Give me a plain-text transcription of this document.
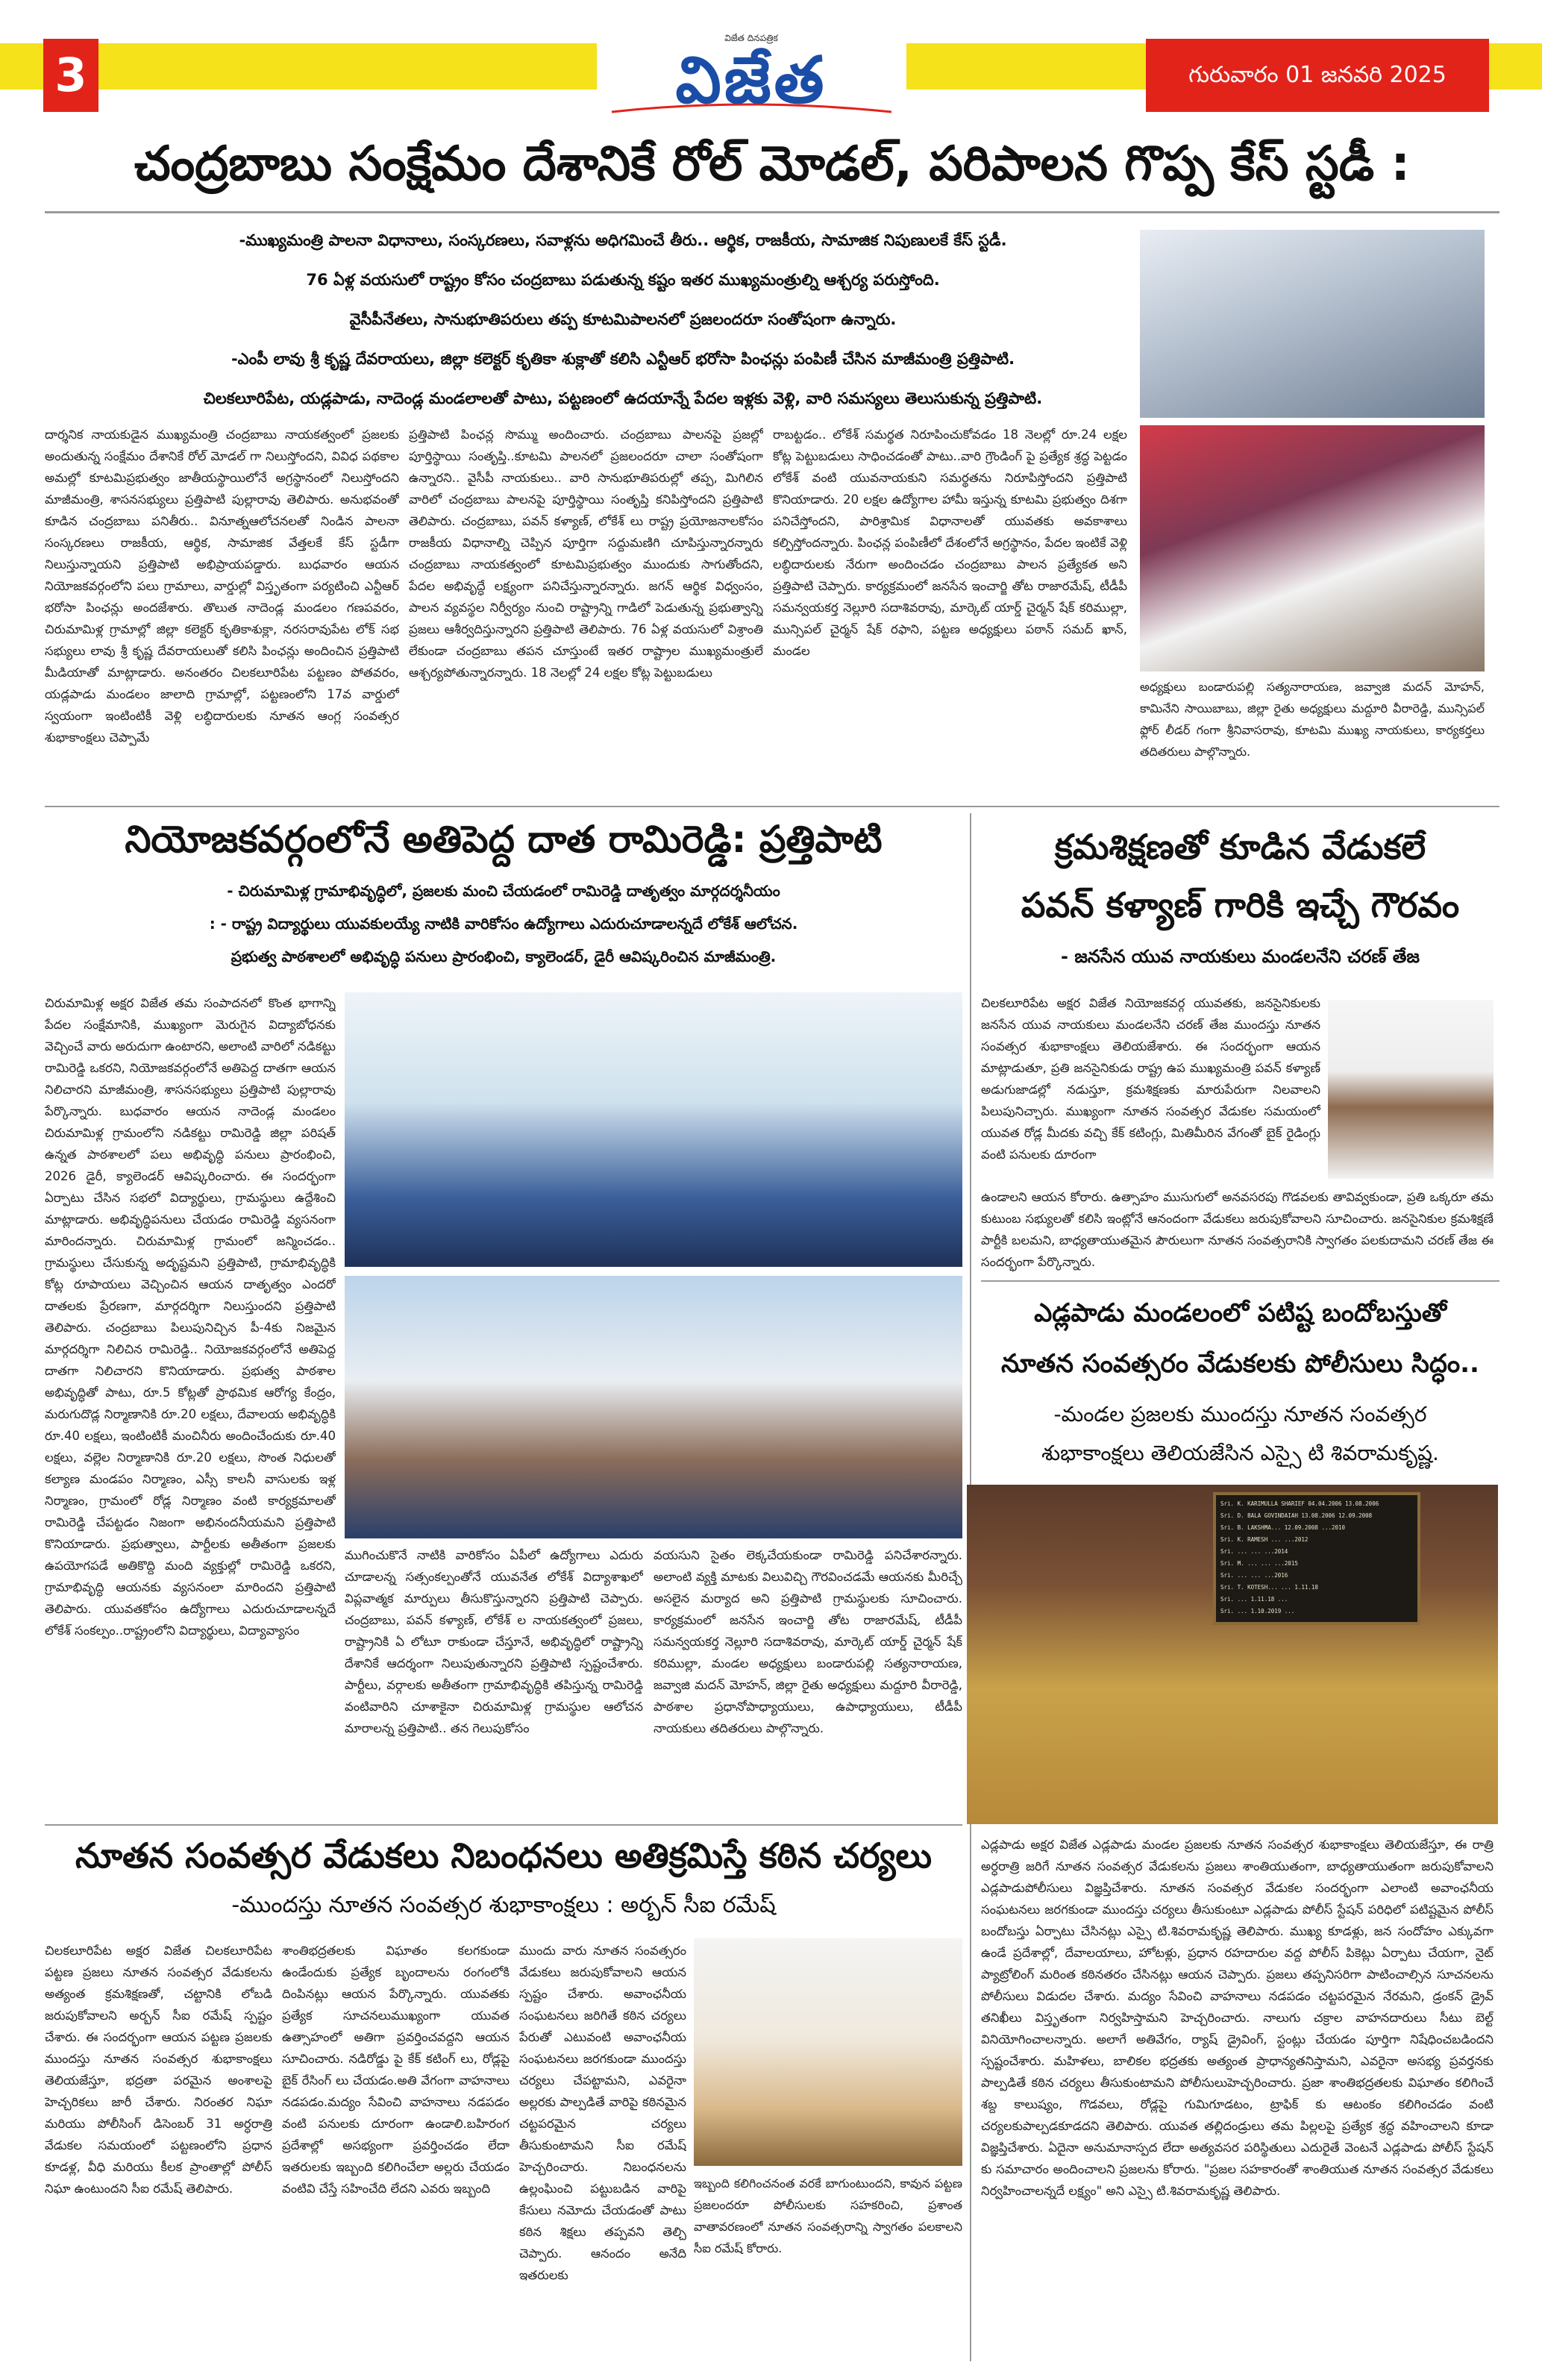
3
విజేత దినపత్రిక
విజేత	గురువారం 01 జనవరి 2025
చంద్రబాబు సంక్షేమం దేశానికే రోల్ మోడల్, పరిపాలన గొప్ప కేస్ స్టడీ :
-ముఖ్యమంత్రి పాలనా విధానాలు, సంస్కరణలు, సవాళ్లను అధిగమించే తీరు.. ఆర్థిక, రాజకీయ, సామాజిక నిపుణులకే కేస్ స్టడీ.
76 ఏళ్ల వయసులో రాష్ట్రం కోసం చంద్రబాబు పడుతున్న కష్టం ఇతర ముఖ్యమంత్రుల్ని ఆశ్చర్య పరుస్తోంది.
వైసీపీనేతలు, సానుభూతిపరులు తప్ప కూటమిపాలనలో ప్రజలందరూ సంతోషంగా ఉన్నారు.
-ఎంపీ లావు శ్రీ కృష్ణ దేవరాయలు, జిల్లా కలెక్టర్ కృతికా శుక్లాతో కలిసి ఎన్టీఆర్ భరోసా పింఛన్లు పంపిణీ చేసిన మాజీమంత్రి ప్రత్తిపాటి.
చిలకలూరిపేట, యడ్లపాడు, నాదెండ్ల మండలాలతో పాటు, పట్టణంలో ఉదయాన్నే పేదల ఇళ్లకు వెళ్లి, వారి సమస్యలు తెలుసుకున్న ప్రత్తిపాటి.
దార్శనిక నాయకుడైన ముఖ్యమంత్రి చంద్రబాబు నాయకత్వంలో ప్రజలకు అందుతున్న సంక్షేమం దేశానికే రోల్ మోడల్ గా నిలుస్తోందని, వివిధ పథకాల అమల్లో కూటమిప్రభుత్వం జాతీయస్థాయిలోనే అగ్రస్థానంలో నిలుస్తోందని మాజీమంత్రి, శాసనసభ్యులు ప్రత్తిపాటి పుల్లారావు తెలిపారు. అనుభవంతో కూడిన చంద్రబాబు పనితీరు.. వినూత్నఆలోచనలతో నిండిన పాలనా సంస్కరణలు రాజకీయ, ఆర్థిక, సామాజిక వేత్తలకే కేస్ స్టడీగా నిలుస్తున్నాయని ప్రత్తిపాటి అభిప్రాయపడ్డారు. బుధవారం ఆయన నియోజకవర్గంలోని పలు గ్రామాలు, వార్డుల్లో విస్తృతంగా పర్యటించి ఎన్టీఆర్ భరోసా పింఛన్లు అందజేశారు. తొలుత నాదెండ్ల మండలం గణపవరం, చిరుమామిళ్ల గ్రామాల్లో జిల్లా కలెక్టర్ కృతికాశుక్లా, నరసరావుపేట లోక్ సభ సభ్యులు లావు శ్రీ కృష్ణ దేవరాయలుతో కలిసి పింఛన్లు అందించిన ప్రత్తిపాటి మీడియాతో మాట్లాడారు. అనంతరం చిలకలూరిపేట పట్టణం పోతవరం, యడ్లపాడు మండలం జాలాది గ్రామాల్లో, పట్టణంలోని 17వ వార్డులో స్వయంగా ఇంటింటికీ వెళ్లి లబ్ధిదారులకు నూతన ఆంగ్ల సంవత్సర శుభాకాంక్షలు చెప్పామే
ప్రత్తిపాటి పింఛన్ల సొమ్ము అందించారు. చంద్రబాబు పాలనపై ప్రజల్లో పూర్తిస్థాయి సంతృప్తి..కూటమి పాలనలో ప్రజలందరూ చాలా సంతోషంగా ఉన్నారని.. వైసీపీ నాయకులు.. వారి సానుభూతిపరుల్లో తప్ప, మిగిలిన వారిలో చంద్రబాబు పాలనపై పూర్తిస్థాయి సంతృప్తి కనిపిస్తోందని ప్రత్తిపాటి తెలిపారు. చంద్రబాబు, పవన్ కళ్యాణ్, లోకేశ్ లు రాష్ట్ర ప్రయోజనాలకోసం రాజకీయ విధానాల్ని చెప్పిన పూర్తిగా సద్దుమణిగి చూపిస్తున్నారన్నారు చంద్రబాబు నాయకత్వంలో కూటమిప్రభుత్వం ముందుకు సాగుతోందని, పేదల అభివృద్ధే లక్ష్యంగా పనిచేస్తున్నారన్నారు. జగన్ ఆర్థిక విధ్వంసం, పాలన వ్యవస్థల నిర్వీర్యం నుంచి రాష్ట్రాన్ని గాడిలో పెడుతున్న ప్రభుత్వాన్ని ప్రజలు ఆశీర్వదిస్తున్నారని ప్రత్తిపాటి తెలిపారు. 76 ఏళ్ల వయసులో విశ్రాంతి లేకుండా చంద్రబాబు తపన చూస్తుంటే ఇతర రాష్ట్రాల ముఖ్యమంత్రులే ఆశ్చర్యపోతున్నారన్నారు. 18 నెలల్లో 24 లక్షల కోట్ల పెట్టుబడులు
రాబట్టడం.. లోకేశ్ సమర్థత నిరూపించుకోవడం 18 నెలల్లో రూ.24 లక్షల కోట్ల పెట్టుబడులు సాధించడంతో పాటు..వారి గ్రౌండింగ్ పై ప్రత్యేక శ్రద్ధ పెట్టడం లోకేశ్ వంటి యువనాయకుని సమర్థతను నిరూపిస్తోందని ప్రత్తిపాటి కొనియాడారు. 20 లక్షల ఉద్యోగాల హామీ ఇస్తున్న కూటమి ప్రభుత్వం దిశగా పనిచేస్తోందని, పారిశ్రామిక విధానాలతో యువతకు అవకాశాలు కల్పిస్తోందన్నారు. పింఛన్ల పంపిణీలో దేశంలోనే అగ్రస్థానం, పేదల ఇంటికే వెళ్లి లబ్ధిదారులకు నేరుగా అందించడం చంద్రబాబు పాలన ప్రత్యేకత అని ప్రత్తిపాటి చెప్పారు. కార్యక్రమంలో జనసేన ఇంచార్జి తోట రాజారమేష్, టీడీపీ సమన్వయకర్త నెల్లూరి సదాశివరావు, మార్కెట్ యార్డ్ చైర్మన్ షేక్ కరిముల్లా, మున్సిపల్ చైర్మన్ షేక్ రఫాని, పట్టణ అధ్యక్షులు పఠాన్ సమద్ ఖాన్, మండల
అధ్యక్షులు బండారుపల్లి సత్యనారాయణ, జవ్వాజి మదన్ మోహన్, కామినేని సాయిబాబు, జిల్లా రైతు అధ్యక్షులు మద్దూరి వీరారెడ్డి, మున్సిపల్ ఫ్లోర్ లీడర్ గంగా శ్రీనివాసరావు, కూటమి ముఖ్య నాయకులు, కార్యకర్తలు తదితరులు పాల్గొన్నారు.
నియోజకవర్గంలోనే అతిపెద్ద దాత రామిరెడ్డి: ప్రత్తిపాటి
- చిరుమామిళ్ల గ్రామాభివృద్ధిలో, ప్రజలకు మంచి చేయడంలో రామిరెడ్డి దాతృత్వం మార్గదర్శనీయం
: - రాష్ట్ర విద్యార్థులు యువకులయ్యే నాటికి వారికోసం ఉద్యోగాలు ఎదురుచూడాలన్నదే లోకేశ్ ఆలోచన.
ప్రభుత్వ పాఠశాలలో అభివృద్ధి పనులు ప్రారంభించి, క్యాలెండర్, డైరీ ఆవిష్కరించిన మాజీమంత్రి.
చిరుమామిళ్ల అక్షర విజేత తమ సంపాదనలో కొంత భాగాన్ని పేదల సంక్షేమానికి, ముఖ్యంగా మెరుగైన విద్యాబోధనకు వెచ్చించే వారు అరుదుగా ఉంటారని, అలాంటి వారిలో నడికట్టు రామిరెడ్డి ఒకరని, నియోజకవర్గంలోనే అతిపెద్ద దాతగా ఆయన నిలిచారని మాజీమంత్రి, శాసనసభ్యులు ప్రత్తిపాటి పుల్లారావు పేర్కొన్నారు. బుధవారం ఆయన నాదెండ్ల మండలం చిరుమామిళ్ల గ్రామంలోని నడికట్టు రామిరెడ్డి జిల్లా పరిషత్ ఉన్నత పాఠశాలలో పలు అభివృద్ధి పనులు ప్రారంభించి, 2026 డైరీ, క్యాలెండర్ ఆవిష్కరించారు. ఈ సందర్భంగా ఏర్పాటు చేసిన సభలో విద్యార్థులు, గ్రామస్థులు ఉద్దేశించి మాట్లాడారు. అభివృద్ధిపనులు చేయడం రామిరెడ్డి వ్యసనంగా మారిందన్నారు. చిరుమామిళ్ల గ్రామంలో జన్మించడం.. గ్రామస్థులు చేసుకున్న అదృష్టమని ప్రత్తిపాటి, గ్రామాభివృద్ధికి కోట్ల రూపాయలు వెచ్చించిన ఆయన దాతృత్వం ఎందరో దాతలకు ప్రేరణగా, మార్గదర్శిగా నిలుస్తుందని ప్రత్తిపాటి తెలిపారు. చంద్రబాబు పిలుపునిచ్చిన పీ-4కు నిజమైన మార్గదర్శిగా నిలిచిన రామిరెడ్డి.. నియోజకవర్గంలోనే అతిపెద్ద దాతగా నిలిచారని కొనియాడారు. ప్రభుత్వ పాఠశాల అభివృద్ధితో పాటు, రూ.5 కోట్లతో ప్రాథమిక ఆరోగ్య కేంద్రం, మరుగుదొడ్ల నిర్మాణానికి రూ.20 లక్షలు, దేవాలయ అభివృద్ధికి రూ.40 లక్షలు, ఇంటింటికీ మంచినీరు అందించేందుకు రూ.40 లక్షలు, వల్లెల నిర్మాణానికి రూ.20 లక్షలు, సొంత నిధులతో కల్యాణ మండపం నిర్మాణం, ఎస్సీ కాలనీ వాసులకు ఇళ్ల నిర్మాణం, గ్రామంలో రోడ్ల నిర్మాణం వంటి కార్యక్రమాలతో రామిరెడ్డి చేపట్టడం నిజంగా అభినందనీయమని ప్రత్తిపాటి కొనియాడారు. ప్రభుత్వాలు, పార్టీలకు అతీతంగా ప్రజలకు ఉపయోగపడే అతికొద్ది మంది వ్యక్తుల్లో రామిరెడ్డి ఒకరని, గ్రామాభివృద్ధి ఆయనకు వ్యసనంలా మారిందని ప్రత్తిపాటి తెలిపారు. యువతకోసం ఉద్యోగాలు ఎదురుచూడాలన్నదే లోకేశ్ సంకల్పం..రాష్ట్రంలోని విద్యార్థులు, విద్యావ్యాసం
ముగించుకొనే నాటికి వారికోసం ఏపీలో ఉద్యోగాలు ఎదురు చూడాలన్న సత్సంకల్పంతోనే యువనేత లోకేశ్ విద్యాశాఖలో విప్లవాత్మక మార్పులు తీసుకొస్తున్నారని ప్రత్తిపాటి చెప్పారు. చంద్రబాబు, పవన్ కళ్యాణ్, లోకేశ్ ల నాయకత్వంలో ప్రజలు, రాష్ట్రానికి ఏ లోటూ రాకుండా చేస్తూనే, అభివృద్ధిలో రాష్ట్రాన్ని దేశానికే ఆదర్శంగా నిలుపుతున్నారని ప్రత్తిపాటి స్పష్టంచేశారు. పార్టీలు, వర్గాలకు అతీతంగా గ్రామాభివృద్ధికి తపిస్తున్న రామిరెడ్డి వంటివారిని చూశాకైనా చిరుమామిళ్ల గ్రామస్థుల ఆలోచన మారాలన్న ప్రత్తిపాటి.. తన గెలుపుకోసం
వయసుని సైతం లెక్కచేయకుండా రామిరెడ్డి పనిచేశారన్నారు. అలాంటి వ్యక్తి మాటకు విలువిచ్చి గౌరవించడమే ఆయనకు మీరిచ్చే అసలైన మర్యాద అని ప్రత్తిపాటి గ్రామస్థులకు సూచించారు. కార్యక్రమంలో జనసేన ఇంచార్జి తోట రాజారమేష్, టీడీపీ సమన్వయకర్త నెల్లూరి సదాశివరావు, మార్కెట్ యార్డ్ చైర్మన్ షేక్ కరిముల్లా, మండల అధ్యక్షులు బండారుపల్లి సత్యనారాయణ, జవ్వాజి మదన్ మోహన్, జిల్లా రైతు అధ్యక్షులు మద్దూరి వీరారెడ్డి, పాఠశాల ప్రధానోపాధ్యాయులు, ఉపాధ్యాయులు, టీడీపీ నాయకులు తదితరులు పాల్గొన్నారు.
నూతన సంవత్సర వేడుకలు నిబంధనలు అతిక్రమిస్తే కఠిన చర్యలు
-ముందస్తు నూతన సంవత్సర శుభాకాంక్షలు : అర్బన్ సీఐ రమేష్
చిలకలూరిపేట అక్షర విజేత చిలకలూరిపేట పట్టణ ప్రజలు నూతన సంవత్సర వేడుకలను అత్యంత క్రమశిక్షణతో, చట్టానికి లోబడి జరుపుకోవాలని అర్బన్ సీఐ రమేష్ స్పష్టం చేశారు. ఈ సందర్భంగా ఆయన పట్టణ ప్రజలకు ముందస్తు నూతన సంవత్సర శుభాకాంక్షలు తెలియజేస్తూ, భద్రతా పరమైన అంశాలపై హెచ్చరికలు జారీ చేశారు. నిరంతర నిఘా మరియు పోలీసింగ్ డిసెంబర్ 31 అర్ధరాత్రి వేడుకల సమయంలో పట్టణంలోని ప్రధాన కూడళ్ల, వీధి మరియు కీలక ప్రాంతాల్లో పోలీస్ నిఘా ఉంటుందని సీఐ రమేష్ తెలిపారు.
శాంతిభద్రతలకు విఘాతం కలగకుండా ఉండేందుకు ప్రత్యేక బృందాలను రంగంలోకి దింపినట్లు ఆయన పేర్కొన్నారు. యువతకు ప్రత్యేక సూచనలుముఖ్యంగా యువత ఉత్సాహంలో అతిగా ప్రవర్తించవద్దని ఆయన సూచించారు. నడిరోడ్డు పై కేక్ కటింగ్ లు, రోడ్లపై బైక్ రేసింగ్ లు చేయడం.అతి వేగంగా వాహనాలు నడపడం.మద్యం సేవించి వాహనాలు నడపడం వంటి పనులకు దూరంగా ఉండాలి.బహిరంగ ప్రదేశాల్లో అసభ్యంగా ప్రవర్తించడం లేదా ఇతరులకు ఇబ్బంది కలిగించేలా అల్లరు చేయడం వంటివి చేస్తే సహించేది లేదని ఎవరు ఇబ్బంది
ముందు వారు నూతన సంవత్సరం వేడుకలు జరుపుకోవాలని ఆయన స్పష్టం చేశారు. అవాంఛనీయ సంఘటనలు జరిగితే కఠిన చర్యలు పేరుతో ఎటువంటి అవాంఛనీయ సంఘటనలు జరగకుండా ముందస్తు చర్యలు చేపట్టామని, ఎవరైనా అల్లరకు పాల్పడితే వారిపై కఠినమైన చట్టపరమైన చర్యలు తీసుకుంటామని సీఐ రమేష్ హెచ్చరించారు. నిబంధనలను ఉల్లంఘించి పట్టుబడిన వారిపై కేసులు నమోదు చేయడంతో పాటు కఠిన శిక్షలు తప్పవని తెల్చి చెప్పారు. ఆనందం అనేది ఇతరులకు
ఇబ్బంది కలిగించనంత వరకే బాగుంటుందని, కావున పట్టణ ప్రజలందరూ పోలీసులకు సహకరించి, ప్రశాంత వాతావరణంలో నూతన సంవత్సరాన్ని స్వాగతం పలకాలని సీఐ రమేష్ కోరారు.
క్రమశిక్షణతో కూడిన వేడుకలే
పవన్ కళ్యాణ్ గారికి ఇచ్చే గౌరవం
- జనసేన యువ నాయకులు మండలనేని చరణ్ తేజ
చిలకలూరిపేట అక్షర విజేత నియోజకవర్గ యువతకు, జనసైనికులకు జనసేన యువ నాయకులు మండలనేని చరణ్ తేజ ముందస్తు నూతన సంవత్సర శుభాకాంక్షలు తెలియజేశారు. ఈ సందర్భంగా ఆయన మాట్లాడుతూ, ప్రతి జనసైనికుడు రాష్ట్ర ఉప ముఖ్యమంత్రి పవన్ కళ్యాణ్ అడుగుజాడల్లో నడుస్తూ, క్రమశిక్షణకు మారుపేరుగా నిలవాలని పిలుపునిచ్చారు. ముఖ్యంగా నూతన సంవత్సర వేడుకల సమయంలో యువత రోడ్ల మీదకు వచ్చి కేక్ కటింగ్లు, మితిమీరిన వేగంతో బైక్ రైడింగ్లు వంటి పనులకు దూరంగా
ఉండాలని ఆయన కోరారు. ఉత్సాహం ముసుగులో అనవసరపు గొడవలకు తావివ్వకుండా, ప్రతి ఒక్కరూ తమ కుటుంబ సభ్యులతో కలిసి ఇంట్లోనే ఆనందంగా వేడుకలు జరుపుకోవాలని సూచించారు. జనసైనికుల క్రమశిక్షణే పార్టీకి బలమని, బాధ్యతాయుతమైన పౌరులుగా నూతన సంవత్సరానికి స్వాగతం పలకుదామని చరణ్ తేజ ఈ సందర్భంగా పేర్కొన్నారు.
ఎడ్లపాడు మండలంలో పటిష్ట బందోబస్తుతో
నూతన సంవత్సరం వేడుకలకు పోలీసులు సిద్ధం..
-మండల ప్రజలకు ముందస్తు నూతన సంవత్సర
శుభాకాంక్షలు తెలియజేసిన ఎస్సై టి శివరామకృష్ణ.
Sri. K. KARIMULLA SHARIEF 04.04.2006 13.08.2006
Sri. D. BALA GOVINDAIAH 13.08.2006 12.09.2008
Sri. B. LAKSHMA... 12.09.2008 ...2010
Sri. K. RAMESH ... ...2012
Sri. ... ... ...2014
Sri. M. ... ... ...2015
Sri. ... ... ...2016
Sri. T. KOTESH... ... 1.11.18
Sri. ... 1.11.18 ...
Sri. ... 1.10.2019 ...
ఎడ్లపాడు అక్షర విజేత ఎడ్లపాడు మండల ప్రజలకు నూతన సంవత్సర శుభాకాంక్షలు తెలియజేస్తూ, ఈ రాత్రి అర్ధరాత్రి జరిగే నూతన సంవత్సర వేడుకలను ప్రజలు శాంతియుతంగా, బాధ్యతాయుతంగా జరుపుకోవాలని ఎడ్లపాడుపోలీసులు విజ్ఞప్తిచేశారు. నూతన సంవత్సర వేడుకల సందర్భంగా ఎలాంటి అవాంఛనీయ సంఘటనలు జరగకుండా ముందస్తు చర్యలు తీసుకుంటూ ఎడ్లపాడు పోలీస్ స్టేషన్ పరిధిలో పటిష్టమైన పోలీస్ బందోబస్తు ఏర్పాటు చేసినట్లు ఎస్సై టి.శివరామకృష్ణ తెలిపారు. ముఖ్య కూడళ్లు, జన సందోహం ఎక్కువగా ఉండే ప్రదేశాల్లో, దేవాలయాలు, హోటళ్లు, ప్రధాన రహదారుల వద్ద పోలీస్ పికెట్లు ఏర్పాటు చేయగా, నైట్ ప్యాట్రోలింగ్ మరింత కఠినతరం చేసినట్లు ఆయన చెప్పారు. ప్రజలు తప్పనిసరిగా పాటించాల్సిన సూచనలను పోలీసులు విడుదల చేశారు. మద్యం సేవించి వాహనాలు నడపడం చట్టపరమైన నేరమని, డ్రంకన్ డ్రైవ్ తనిఖీలు విస్తృతంగా నిర్వహిస్తామని హెచ్చరించారు. నాలుగు చక్రాల వాహనదారులు సీటు బెల్ట్ వినియోగించాలన్నారు. అలాగే అతివేగం, ర్యాష్ డ్రైవింగ్, స్టంట్లు చేయడం పూర్తిగా నిషేధించబడిందని స్పష్టంచేశారు. మహిళలు, బాలికల భద్రతకు అత్యంత ప్రాధాన్యతనిస్తామని, ఎవరైనా అసభ్య ప్రవర్తనకు పాల్పడితే కఠిన చర్యలు తీసుకుంటామని పోలీసులుహెచ్చరించారు. ప్రజా శాంతిభద్రతలకు విఘాతం కలిగించే శబ్ద కాలుష్యం, గొడవలు, రోడ్లపై గుమిగూడటం, ట్రాఫిక్ కు ఆటంకం కలిగించడం వంటి చర్యలకుపాల్పడకూడదని తెలిపారు. యువత తల్లిదండ్రులు తమ పిల్లలపై ప్రత్యేక శ్రద్ధ వహించాలని కూడా విజ్ఞప్తిచేశారు. ఏదైనా అనుమానాస్పద లేదా అత్యవసర పరిస్థితులు ఎదురైతే వెంటనే ఎడ్లపాడు పోలీస్ స్టేషన్ కు సమాచారం అందించాలని ప్రజలను కోరారు. "ప్రజల సహకారంతో శాంతియుత నూతన సంవత్సర వేడుకలు నిర్వహించాలన్నదే లక్ష్యం" అని ఎస్సై టి.శివరామకృష్ణ తెలిపారు.
